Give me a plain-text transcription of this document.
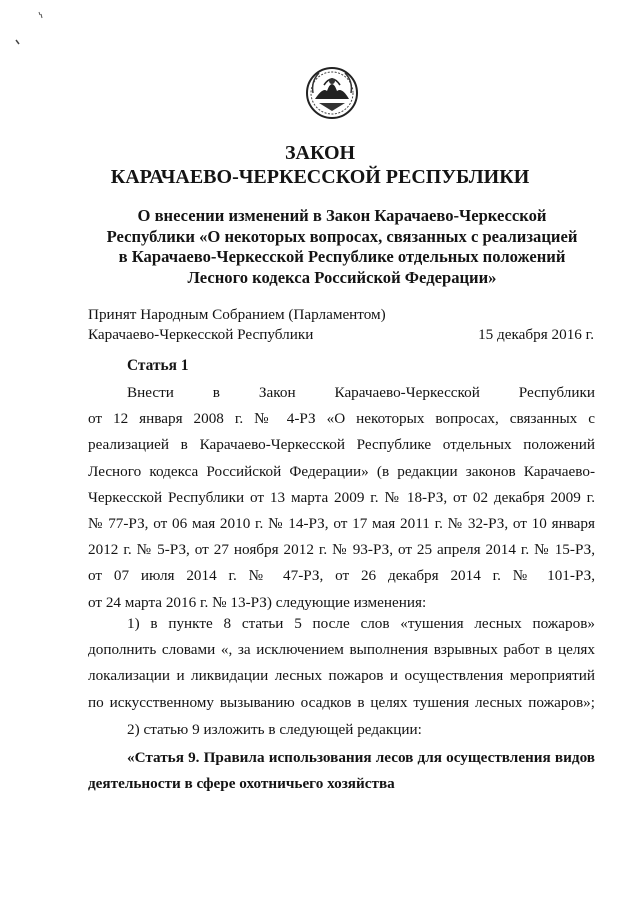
ЗАКОН
КАРАЧАЕВО-ЧЕРКЕССКОЙ РЕСПУБЛИКИ
О внесении изменений в Закон Карачаево-Черкесской
Республики «О некоторых вопросах, связанных с реализацией
в Карачаево-Черкесской Республике отдельных положений
Лесного кодекса Российской Федерации»
Принят Народным Собранием (Парламентом)
Карачаево-Черкесской Республики	15 декабря 2016 г.
Статья 1
Внести в Закон Карачаево-Черкесской Республики
от 12 января 2008 г. № 4-РЗ «О некоторых вопросах, связанных с
реализацией в Карачаево-Черкесской Республике отдельных положений
Лесного кодекса Российской Федерации» (в редакции законов Карачаево-
Черкесской Республики от 13 марта 2009 г. № 18-РЗ, от 02 декабря 2009 г.
№ 77-РЗ, от 06 мая 2010 г. № 14-РЗ, от 17 мая 2011 г. № 32-РЗ, от 10 января
2012 г. № 5-РЗ, от 27 ноября 2012 г. № 93-РЗ, от 25 апреля 2014 г. № 15-РЗ,
от 07 июля 2014 г. № 47-РЗ, от 26 декабря 2014 г. № 101-РЗ,
от 24 марта 2016 г. № 13-РЗ) следующие изменения:
1) в пункте 8 статьи 5 после слов «тушения лесных пожаров»
дополнить словами «, за исключением выполнения взрывных работ в целях
локализации и ликвидации лесных пожаров и осуществления мероприятий
по искусственному вызыванию осадков в целях тушения лесных пожаров»;
2) статью 9 изложить в следующей редакции:
«Статья 9. Правила использования лесов для осуществления видов
деятельности в сфере охотничьего хозяйства
